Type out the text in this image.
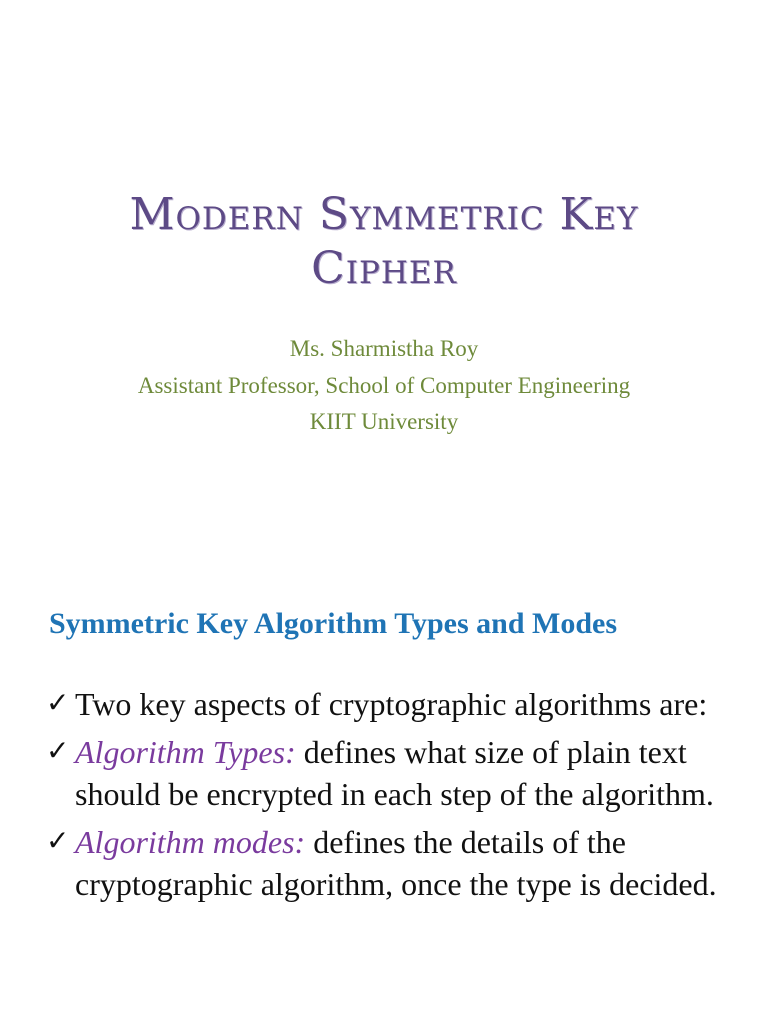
Modern Symmetric Key
Cipher
Ms. Sharmistha Roy
Assistant Professor, School of Computer Engineering
KIIT University
Symmetric Key Algorithm Types and Modes
✓ Two key aspects of cryptographic algorithms are:
✓ Algorithm Types: defines what size of plain text should be encrypted in each step of the algorithm.
✓ Algorithm modes: defines the details of the cryptographic algorithm, once the type is decided.
